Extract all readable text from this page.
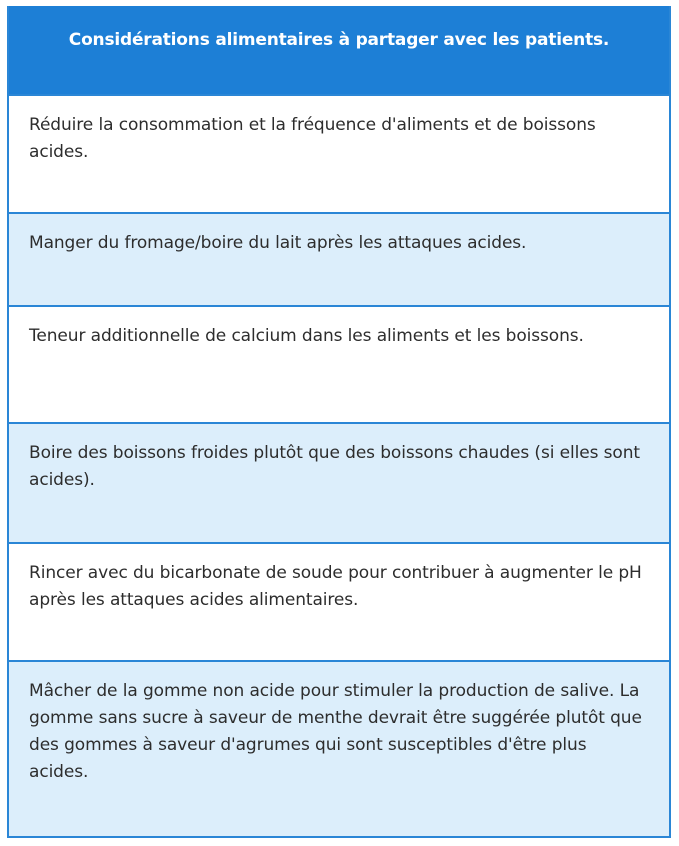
Considérations alimentaires à partager avec les patients.
Réduire la consommation et la fréquence d'aliments et de boissons acides.
Manger du fromage/boire du lait après les attaques acides.
Teneur additionnelle de calcium dans les aliments et les boissons.
Boire des boissons froides plutôt que des boissons chaudes (si elles sont acides).
Rincer avec du bicarbonate de soude pour contribuer à augmenter le pH après les attaques acides alimentaires.
Mâcher de la gomme non acide pour stimuler la production de salive. La gomme sans sucre à saveur de menthe devrait être suggérée plutôt que des gommes à saveur d'agrumes qui sont susceptibles d'être plus acides.
